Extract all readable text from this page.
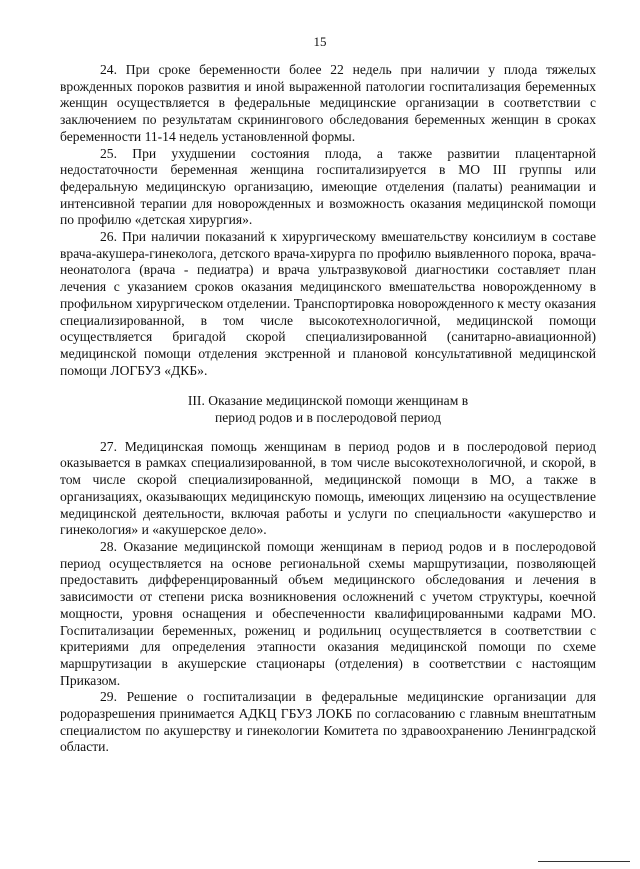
15

24. При сроке беременности более 22 недель при наличии у плода тяжелых врожденных пороков развития и иной выраженной патологии госпитализация беременных женщин осуществляется в федеральные медицинские организации в соответствии с заключением по результатам скринингового обследования беременных женщин в сроках беременности 11-14 недель установленной формы.

25. При ухудшении состояния плода, а также развитии плацентарной недостаточности беременная женщина госпитализируется в МО III группы или федеральную медицинскую организацию, имеющие отделения (палаты) реанимации и интенсивной терапии для новорожденных и возможность оказания медицинской помощи по профилю «детская хирургия».

26. При наличии показаний к хирургическому вмешательству консилиум в составе врача-акушера-гинеколога, детского врача-хирурга по профилю выявленного порока, врача-неонатолога (врача - педиатра) и врача ультразвуковой диагностики составляет план лечения с указанием сроков оказания медицинского вмешательства новорожденному в профильном хирургическом отделении. Транспортировка новорожденного к месту оказания специализированной, в том числе высокотехнологичной, медицинской помощи осуществляется бригадой скорой специализированной (санитарно-авиационной) медицинской помощи отделения экстренной и плановой консультативной медицинской помощи ЛОГБУЗ «ДКБ».

III. Оказание медицинской помощи женщинам в
период родов и в послеродовой период

27. Медицинская помощь женщинам в период родов и в послеродовой период оказывается в рамках специализированной, в том числе высокотехнологичной, и скорой, в том числе скорой специализированной, медицинской помощи в МО, а также в организациях, оказывающих медицинскую помощь, имеющих лицензию на осуществление медицинской деятельности, включая работы и услуги по специальности «акушерство и гинекология» и «акушерское дело».

28. Оказание медицинской помощи женщинам в период родов и в послеродовой период осуществляется на основе региональной схемы маршрутизации, позволяющей предоставить дифференцированный объем медицинского обследования и лечения в зависимости от степени риска возникновения осложнений с учетом структуры, коечной мощности, уровня оснащения и обеспеченности квалифицированными кадрами МО. Госпитализации беременных, рожениц и родильниц осуществляется в соответствии с критериями для определения этапности оказания медицинской помощи по схеме маршрутизации в акушерские стационары (отделения) в соответствии с настоящим Приказом.

29. Решение о госпитализации в федеральные медицинские организации для родоразрешения принимается АДКЦ ГБУЗ ЛОКБ по согласованию с главным внештатным специалистом по акушерству и гинекологии Комитета по здравоохранению Ленинградской области.
